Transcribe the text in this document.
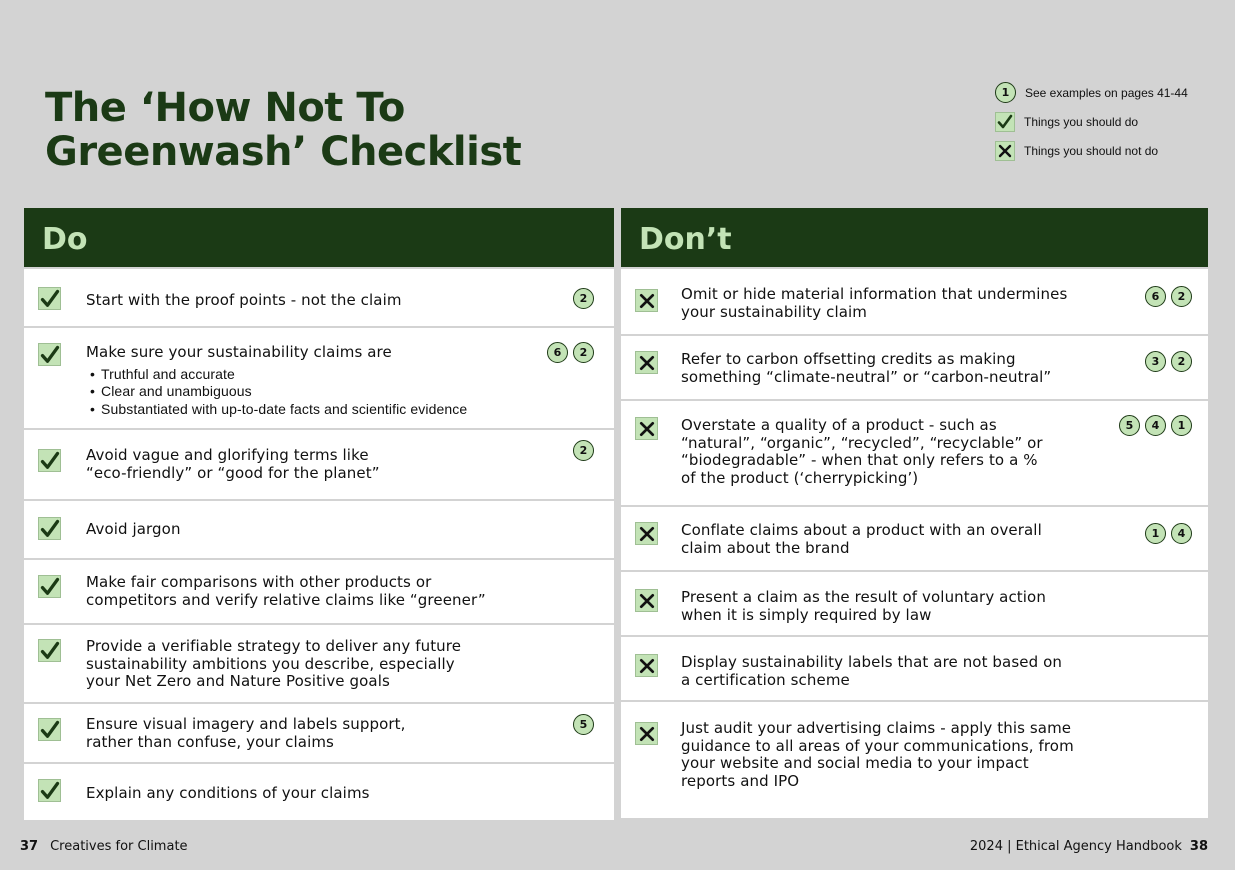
The ‘How Not To
Greenwash’ Checklist
1	See examples on pages 41-44
Things you should do
Things you should not do
Do
Start with the proof points - not the claim	2
Make sure your sustainability claims are
• Truthful and accurate
• Clear and unambiguous
• Substantiated with up-to-date facts and scientific evidence
6	2
Avoid vague and glorifying terms like
“eco-friendly” or “good for the planet”
2
Avoid jargon
Make fair comparisons with other products or
competitors and verify relative claims like “greener”
Provide a verifiable strategy to deliver any future
sustainability ambitions you describe, especially
your Net Zero and Nature Positive goals
Ensure visual imagery and labels support,
rather than confuse, your claims
5
Explain any conditions of your claims
Don’t
Omit or hide material information that undermines
your sustainability claim
6	2
Refer to carbon offsetting credits as making
something “climate-neutral” or “carbon-neutral”
3	2
Overstate a quality of a product - such as
“natural”, “organic”, “recycled”, “recyclable” or
“biodegradable” - when that only refers to a %
of the product (‘cherrypicking’)
5	4	1
Conflate claims about a product with an overall
claim about the brand
1	4
Present a claim as the result of voluntary action
when it is simply required by law
Display sustainability labels that are not based on
a certification scheme
Just audit your advertising claims - apply this same
guidance to all areas of your communications, from
your website and social media to your impact
reports and IPO
37 Creatives for Climate	2024 | Ethical Agency Handbook 38
